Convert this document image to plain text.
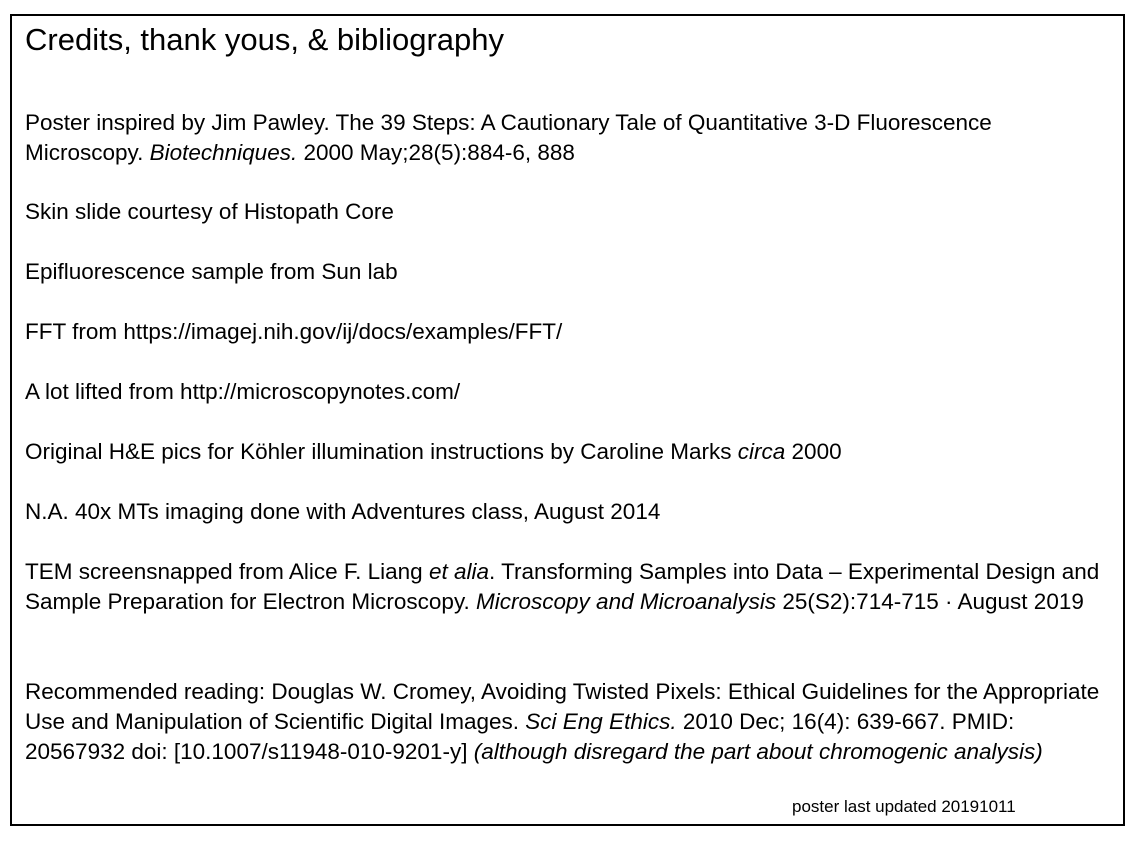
Credits, thank yous, & bibliography
Poster inspired by Jim Pawley. The 39 Steps: A Cautionary Tale of Quantitative 3-D Fluorescence Microscopy. Biotechniques. 2000 May;28(5):884-6, 888
Skin slide courtesy of Histopath Core
Epifluorescence sample from Sun lab
FFT from https://imagej.nih.gov/ij/docs/examples/FFT/
A lot lifted from http://microscopynotes.com/
Original H&E pics for Köhler illumination instructions by Caroline Marks circa 2000
N.A. 40x MTs imaging done with Adventures class, August 2014
TEM screensnapped from Alice F. Liang et alia. Transforming Samples into Data – Experimental Design and Sample Preparation for Electron Microscopy. Microscopy and Microanalysis 25(S2):714-715 · August 2019
Recommended reading: Douglas W. Cromey, Avoiding Twisted Pixels: Ethical Guidelines for the Appropriate Use and Manipulation of Scientific Digital Images. Sci Eng Ethics. 2010 Dec; 16(4): 639-667. PMID: 20567932 doi: [10.1007/s11948-010-9201-y] (although disregard the part about chromogenic analysis)
poster last updated 20191011
